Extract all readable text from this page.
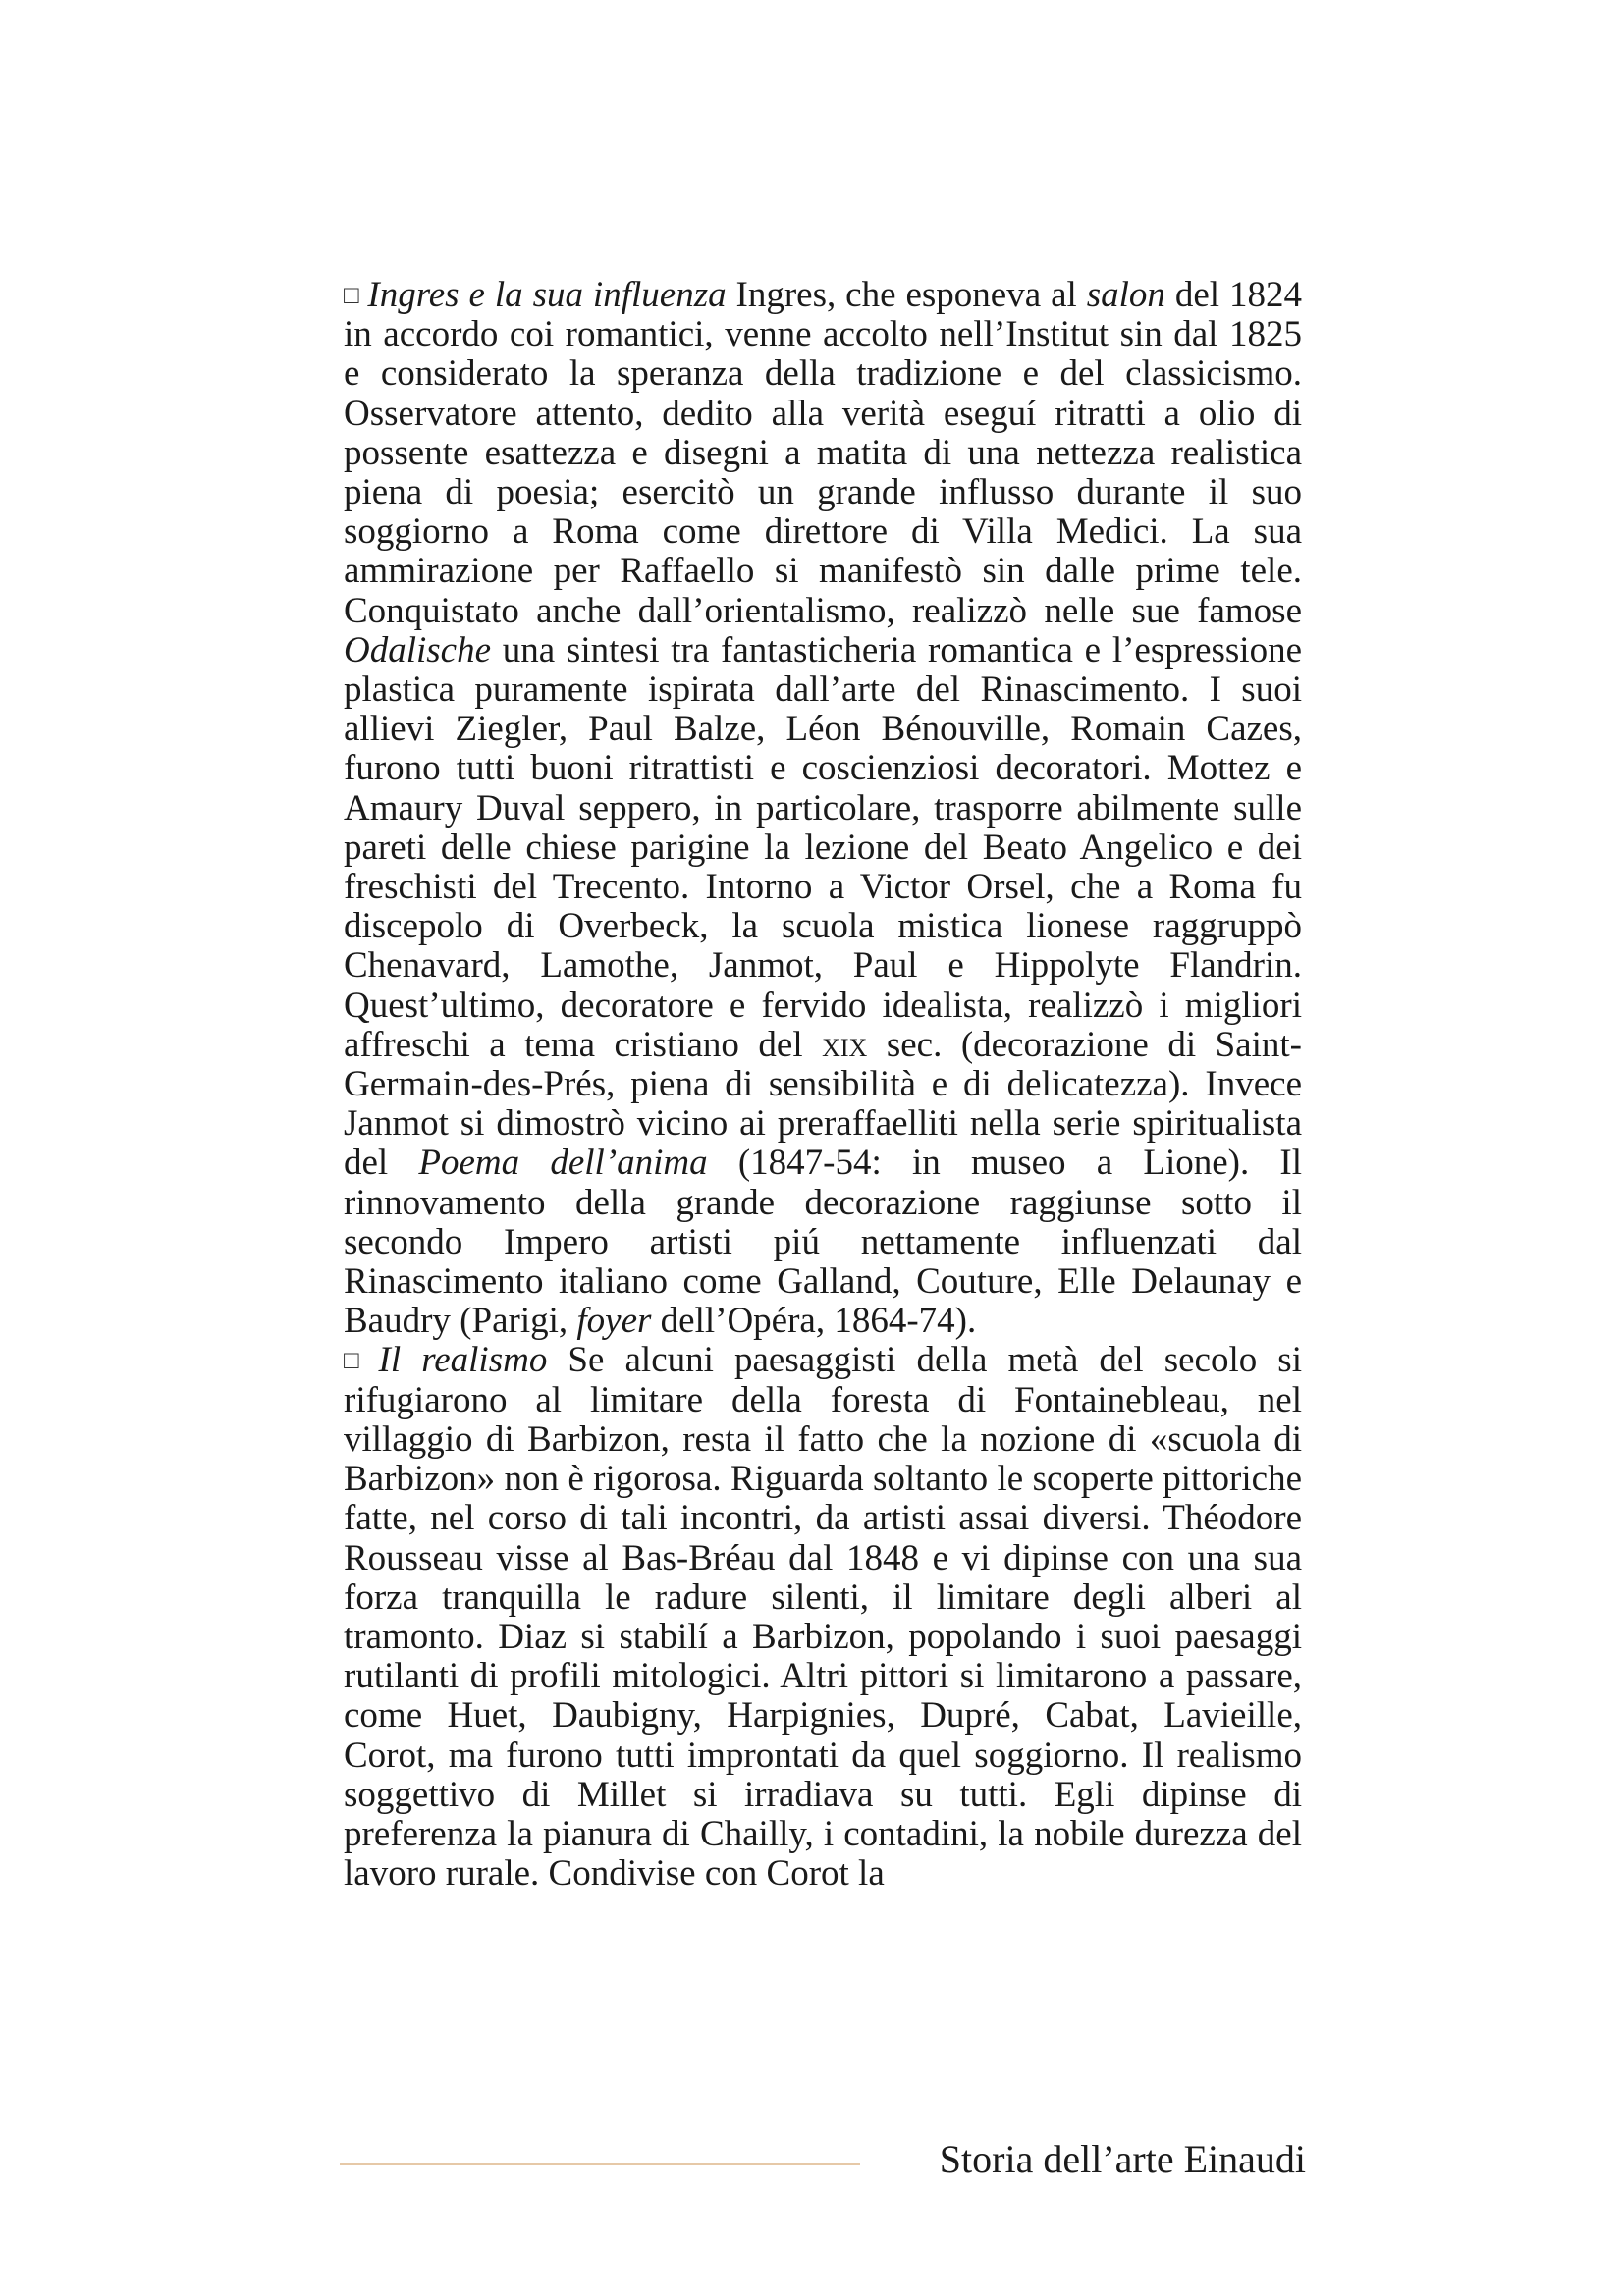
□ Ingres e la sua influenza Ingres, che esponeva al salon del 1824 in accordo coi romantici, venne accolto nell’Institut sin dal 1825 e considerato la speranza della tradizione e del classicismo. Osservatore attento, dedito alla verità eseguí ritratti a olio di possente esattezza e disegni a matita di una nettezza realistica piena di poesia; esercitò un grande influsso durante il suo soggiorno a Roma come direttore di Villa Medici. La sua ammirazione per Raffaello si manifestò sin dalle prime tele. Conquistato anche dall’orientalismo, realizzò nelle sue famose Odalische una sintesi tra fantasticheria romantica e l’espressione plastica puramente ispirata dall’arte del Rinascimento. I suoi allievi Ziegler, Paul Balze, Léon Bénouville, Romain Cazes, furono tutti buoni ritrattisti e coscienziosi decoratori. Mottez e Amaury Duval seppero, in particolare, trasporre abilmente sulle pareti delle chiese parigine la lezione del Beato Angelico e dei freschisti del Trecento. Intorno a Victor Orsel, che a Roma fu discepolo di Overbeck, la scuola mistica lionese raggruppò Chenavard, Lamothe, Janmot, Paul e Hippolyte Flandrin. Quest’ultimo, decoratore e fervido idealista, realizzò i migliori affreschi a tema cristiano del xix sec. (decorazione di Saint-Germain-des-Prés, piena di sensibilità e di delicatezza). Invece Janmot si dimostrò vicino ai preraffaelliti nella serie spiritualista del Poema dell’anima (1847-54: in museo a Lione). Il rinnovamento della grande decorazione raggiunse sotto il secondo Impero artisti piú nettamente influenzati dal Rinascimento italiano come Galland, Couture, Elle Delaunay e Baudry (Parigi, foyer dell’Opéra, 1864-74).

□ Il realismo Se alcuni paesaggisti della metà del secolo si rifugiarono al limitare della foresta di Fontainebleau, nel villaggio di Barbizon, resta il fatto che la nozione di «scuola di Barbizon» non è rigorosa. Riguarda soltanto le scoperte pittoriche fatte, nel corso di tali incontri, da artisti assai diversi. Théodore Rousseau visse al Bas-Bréau dal 1848 e vi dipinse con una sua forza tranquilla le radure silenti, il limitare degli alberi al tramonto. Diaz si stabilí a Barbizon, popolando i suoi paesaggi rutilanti di profili mitologici. Altri pittori si limitarono a passare, come Huet, Daubigny, Harpignies, Dupré, Cabat, Lavieille, Corot, ma furono tutti improntati da quel soggiorno. Il realismo soggettivo di Millet si irradiava su tutti. Egli dipinse di preferenza la pianura di Chailly, i contadini, la nobile durezza del lavoro rurale. Condivise con Corot la

Storia dell’arte Einaudi
